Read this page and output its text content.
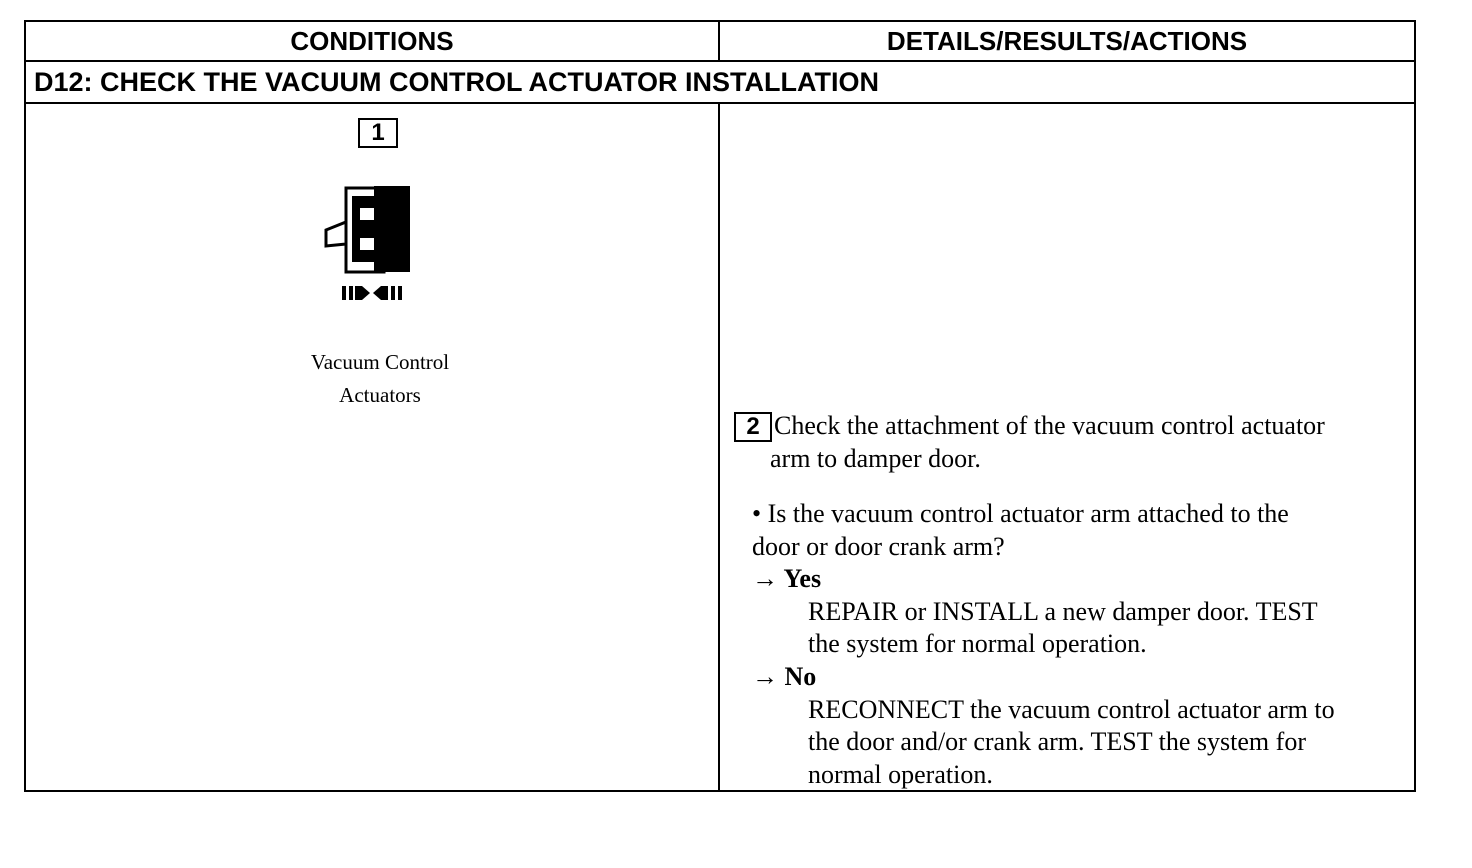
CONDITIONS	DETAILS/RESULTS/ACTIONS
D12: CHECK THE VACUUM CONTROL ACTUATOR INSTALLATION
1
Vacuum Control
Actuators
2 Check the attachment of the vacuum control actuator
arm to damper door.
• Is the vacuum control actuator arm attached to the
door or door crank arm?
→ Yes
REPAIR or INSTALL a new damper door. TEST
the system for normal operation.
→ No
RECONNECT the vacuum control actuator arm to
the door and/or crank arm. TEST the system for
normal operation.
